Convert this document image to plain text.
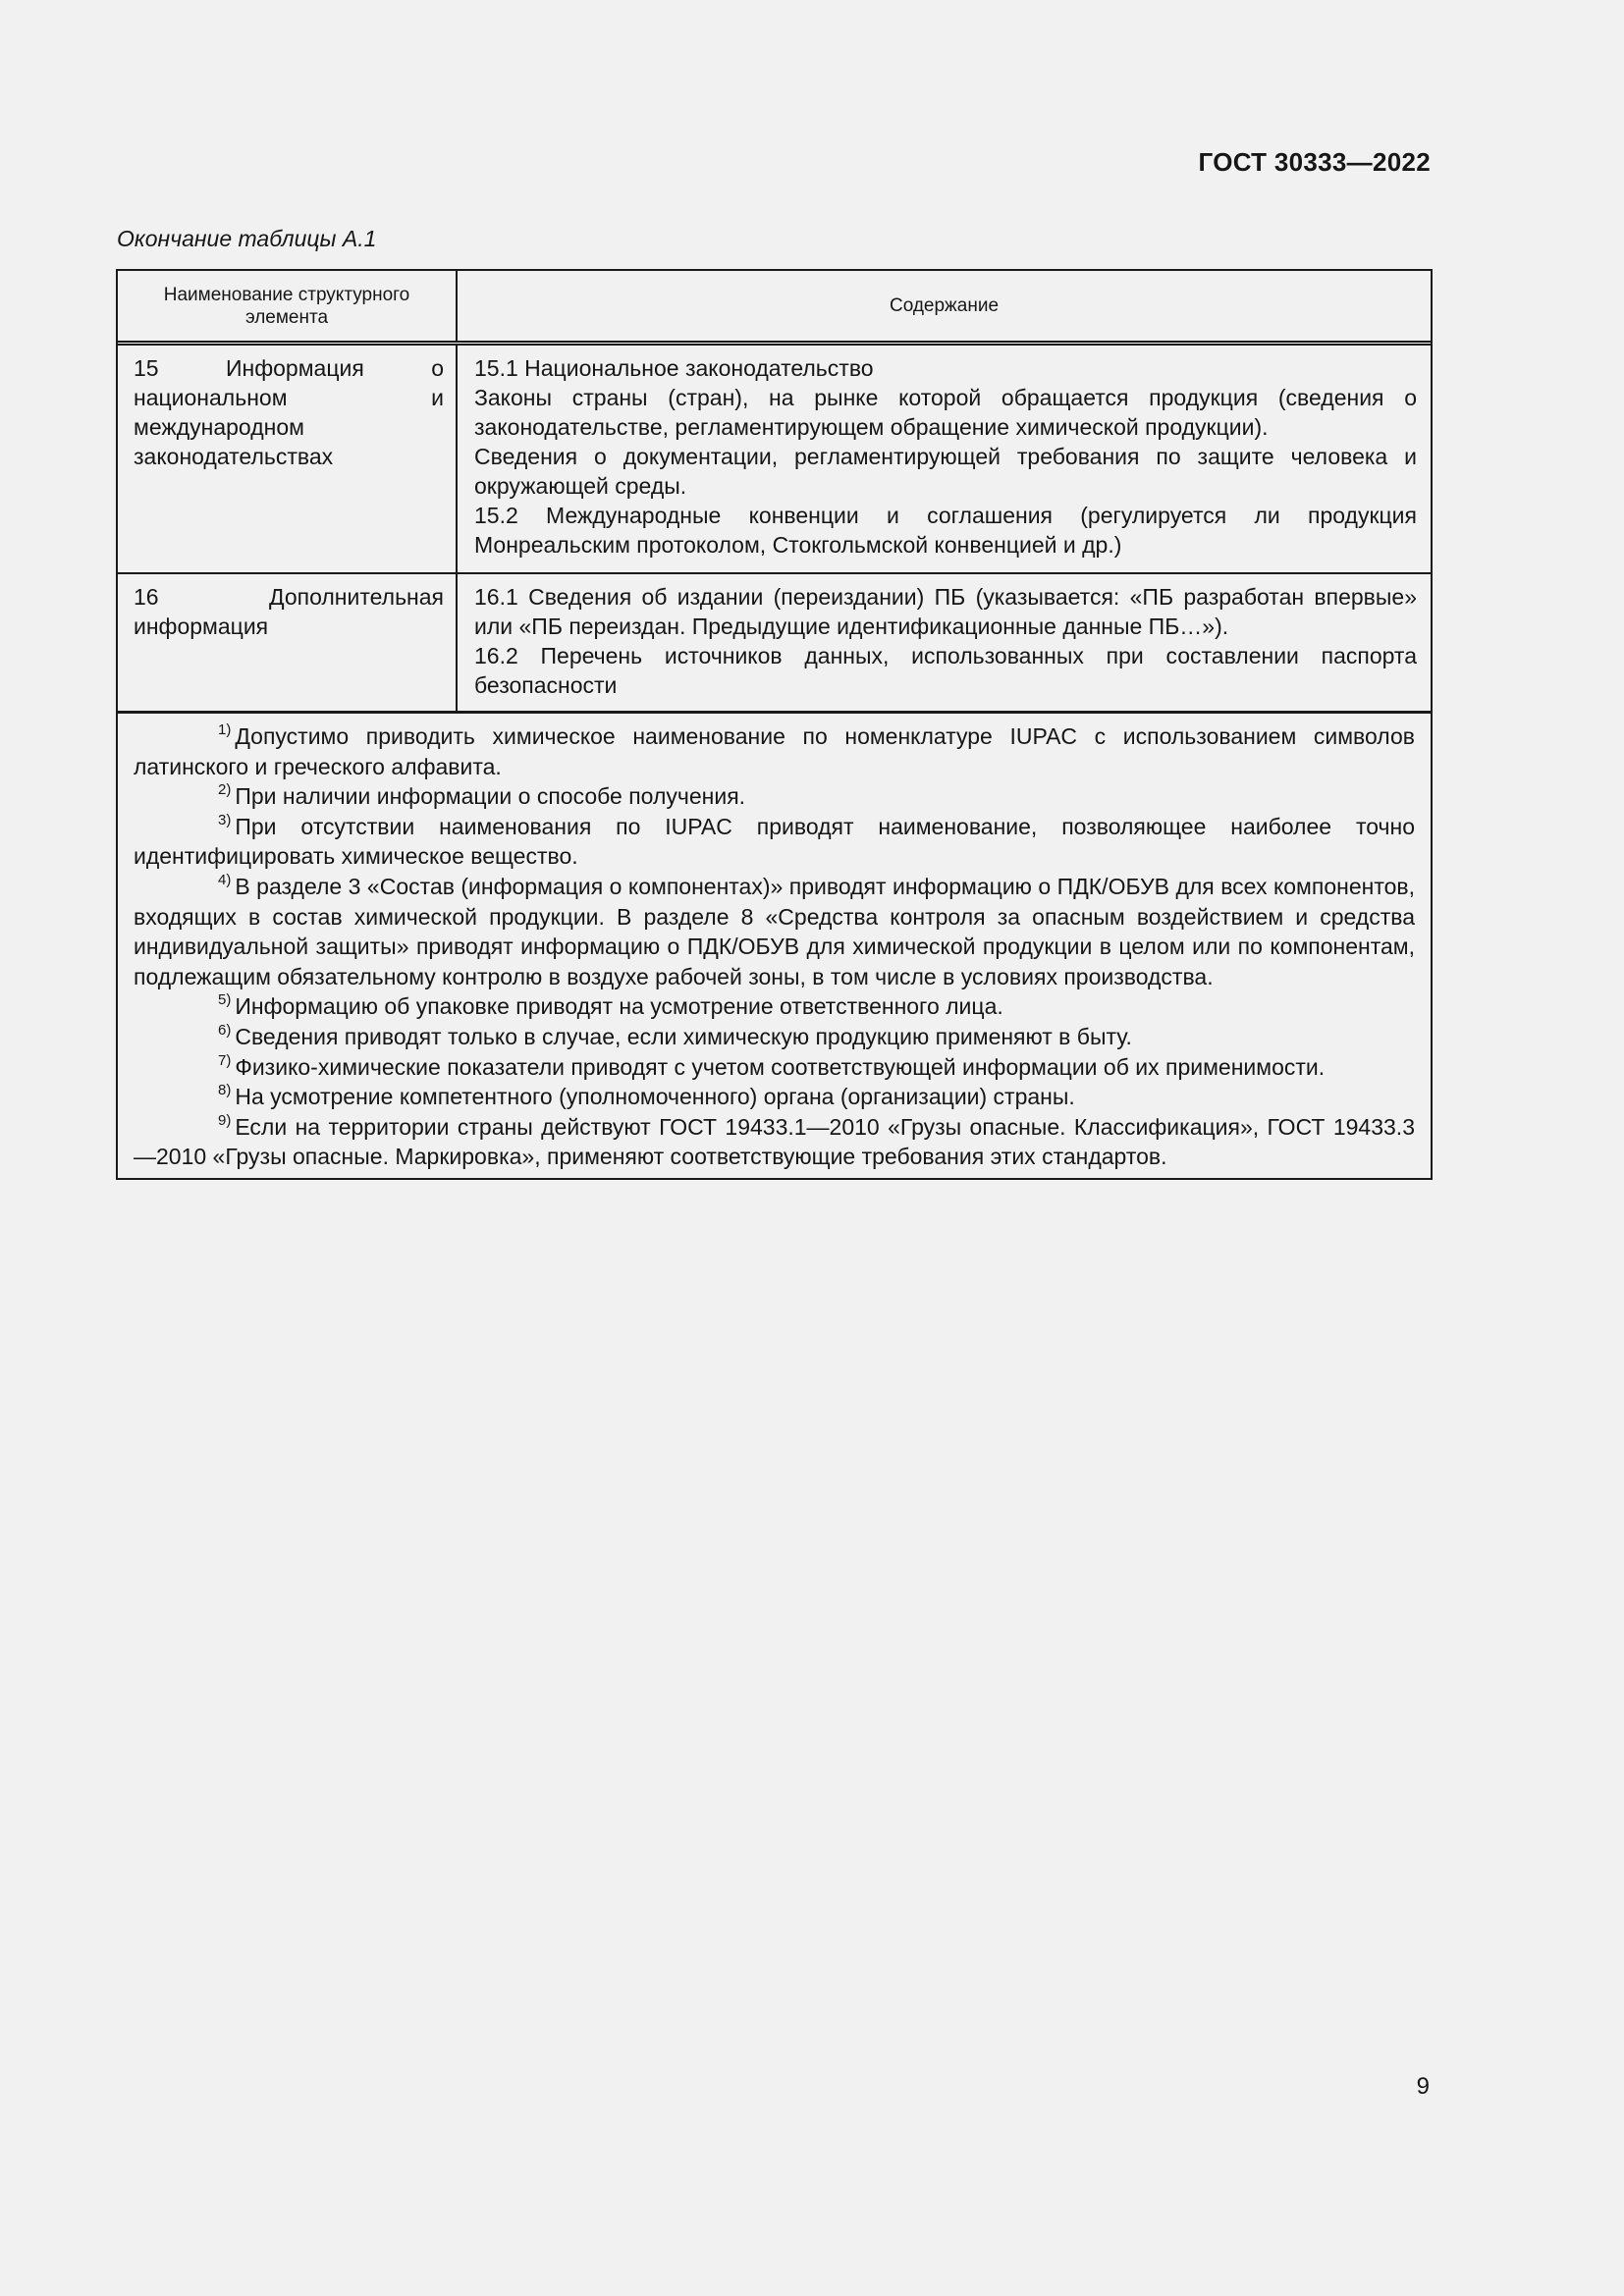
ГОСТ 30333—2022
Окончание таблицы А.1
Наименование структурного элемента
Содержание
15 Информация о национальном и международном законодательствах
15.1 Национальное законодательство
Законы страны (стран), на рынке которой обращается продукция (сведения о законодательстве, регламентирующем обращение химической продукции).
Сведения о документации, регламентирующей требования по защите человека и окружающей среды.
15.2 Международные конвенции и соглашения (регулируется ли продукция Монреальским протоколом, Стокгольмской конвенцией и др.)
16 Дополнительная информация
16.1 Сведения об издании (переиздании) ПБ (указывается: «ПБ разработан впервые» или «ПБ переиздан. Предыдущие идентификационные данные ПБ…»).
16.2 Перечень источников данных, использованных при составлении паспорта безопасности

$^{1)}$ Допустимо приводить химическое наименование по номенклатуре IUPAC с использованием символов латинского и греческого алфавита.

$^{2)}$ При наличии информации о способе получения.

$^{3)}$ При отсутствии наименования по IUPAC приводят наименование, позволяющее наиболее точно идентифицировать химическое вещество.

$^{4)}$ В разделе 3 «Состав (информация о компонентах)» приводят информацию о ПДК/ОБУВ для всех компонентов, входящих в состав химической продукции. В разделе 8 «Средства контроля за опасным воздействием и средства индивидуальной защиты» приводят информацию о ПДК/ОБУВ для химической продукции в целом или по компонентам, подлежащим обязательному контролю в воздухе рабочей зоны, в том числе в условиях производства.

$^{5)}$ Информацию об упаковке приводят на усмотрение ответственного лица.

$^{6)}$ Сведения приводят только в случае, если химическую продукцию применяют в быту.

$^{7)}$ Физико-химические показатели приводят с учетом соответствующей информации об их применимости.

$^{8)}$ На усмотрение компетентного (уполномоченного) органа (организации) страны.

$^{9)}$ Если на территории страны действуют ГОСТ 19433.1—2010 «Грузы опасные. Классификация», ГОСТ 19433.3—2010 «Грузы опасные. Маркировка», применяют соответствующие требования этих стандартов.

9
